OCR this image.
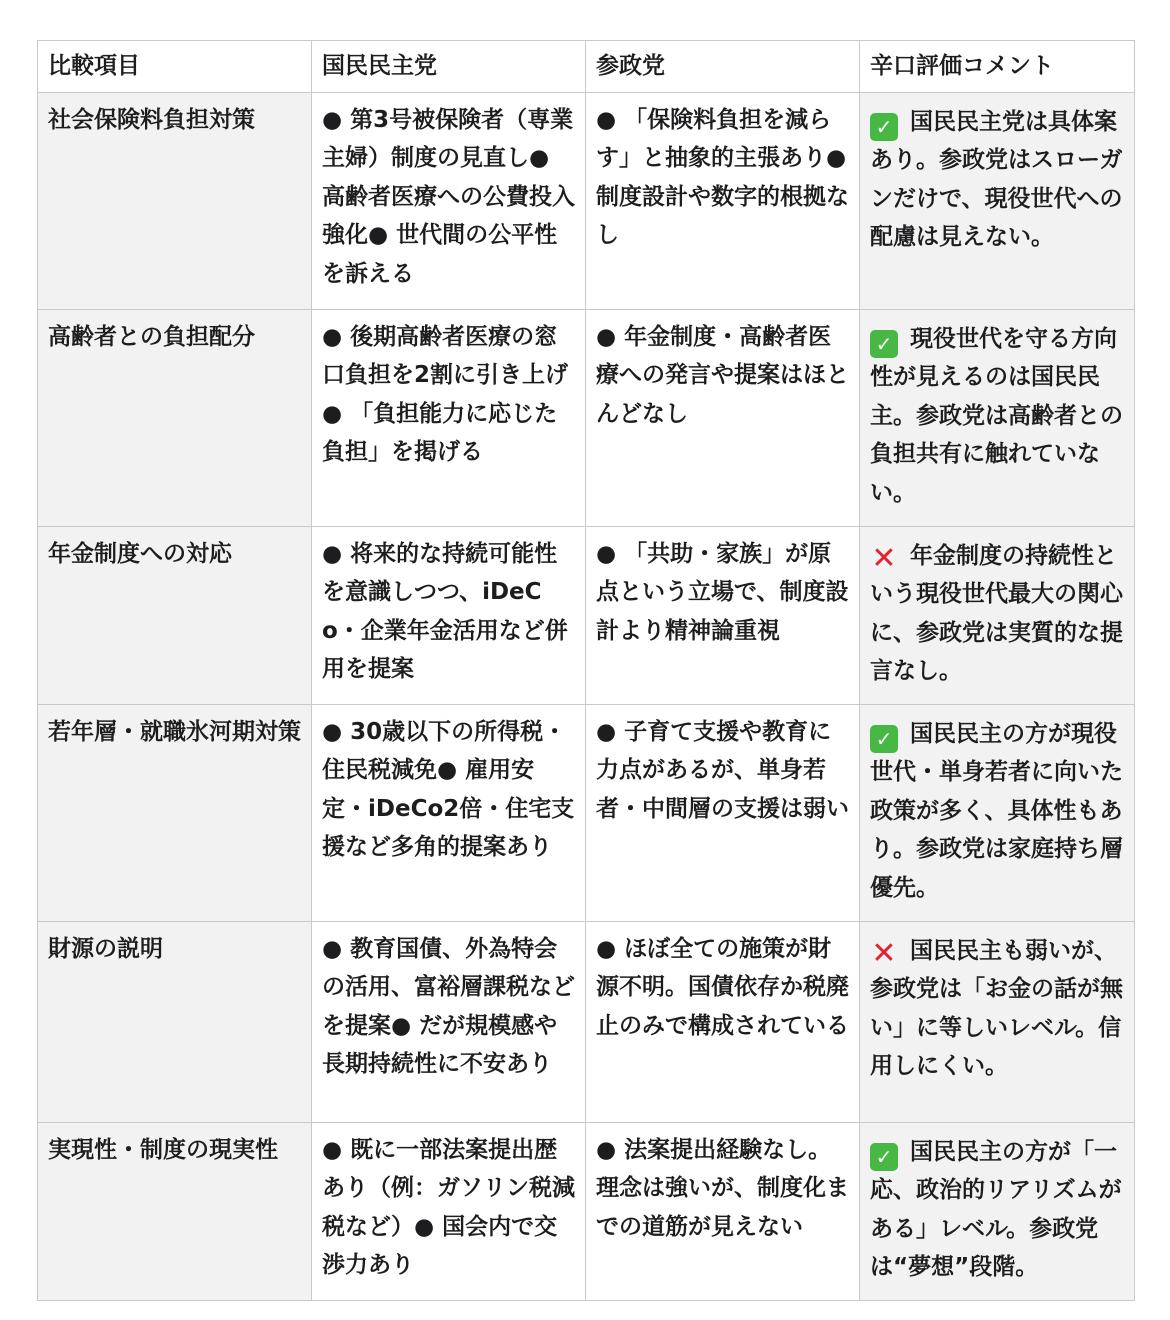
比較項目	国民民主党	参政党	辛口評価コメント
社会保険料負担対策	● 第3号被保険者（専業主婦）制度の見直し● 高齢者医療への公費投入強化● 世代間の公平性を訴える	● 「保険料負担を減らす」と抽象的主張あり● 制度設計や数字的根拠なし	✓ 国民民主党は具体案あり。参政党はスローガンだけで、現役世代への配慮は見えない。
高齢者との負担配分	● 後期高齢者医療の窓口負担を2割に引き上げ● 「負担能力に応じた負担」を掲げる	● 年金制度・高齢者医療への発言や提案はほとんどなし	✓ 現役世代を守る方向性が見えるのは国民民主。参政党は高齢者との負担共有に触れていない。
年金制度への対応	● 将来的な持続可能性を意識しつつ、iDeCo・企業年金活用など併用を提案	● 「共助・家族」が原点という立場で、制度設計より精神論重視	✕ 年金制度の持続性という現役世代最大の関心に、参政党は実質的な提言なし。
若年層・就職氷河期対策	● 30歳以下の所得税・住民税減免● 雇用安定・iDeCo2倍・住宅支援など多角的提案あり	● 子育て支援や教育に力点があるが、単身若者・中間層の支援は弱い	✓ 国民民主の方が現役世代・単身若者に向いた政策が多く、具体性もあり。参政党は家庭持ち層優先。
財源の説明	● 教育国債、外為特会の活用、富裕層課税などを提案● だが規模感や長期持続性に不安あり	● ほぼ全ての施策が財源不明。国債依存か税廃止のみで構成されている	✕ 国民民主も弱いが、参政党は「お金の話が無い」に等しいレベル。信用しにくい。
実現性・制度の現実性	● 既に一部法案提出歴あり（例：ガソリン税減税など）● 国会内で交渉力あり	● 法案提出経験なし。理念は強いが、制度化までの道筋が見えない	✓ 国民民主の方が「一応、政治的リアリズムがある」レベル。参政党は“夢想”段階。
